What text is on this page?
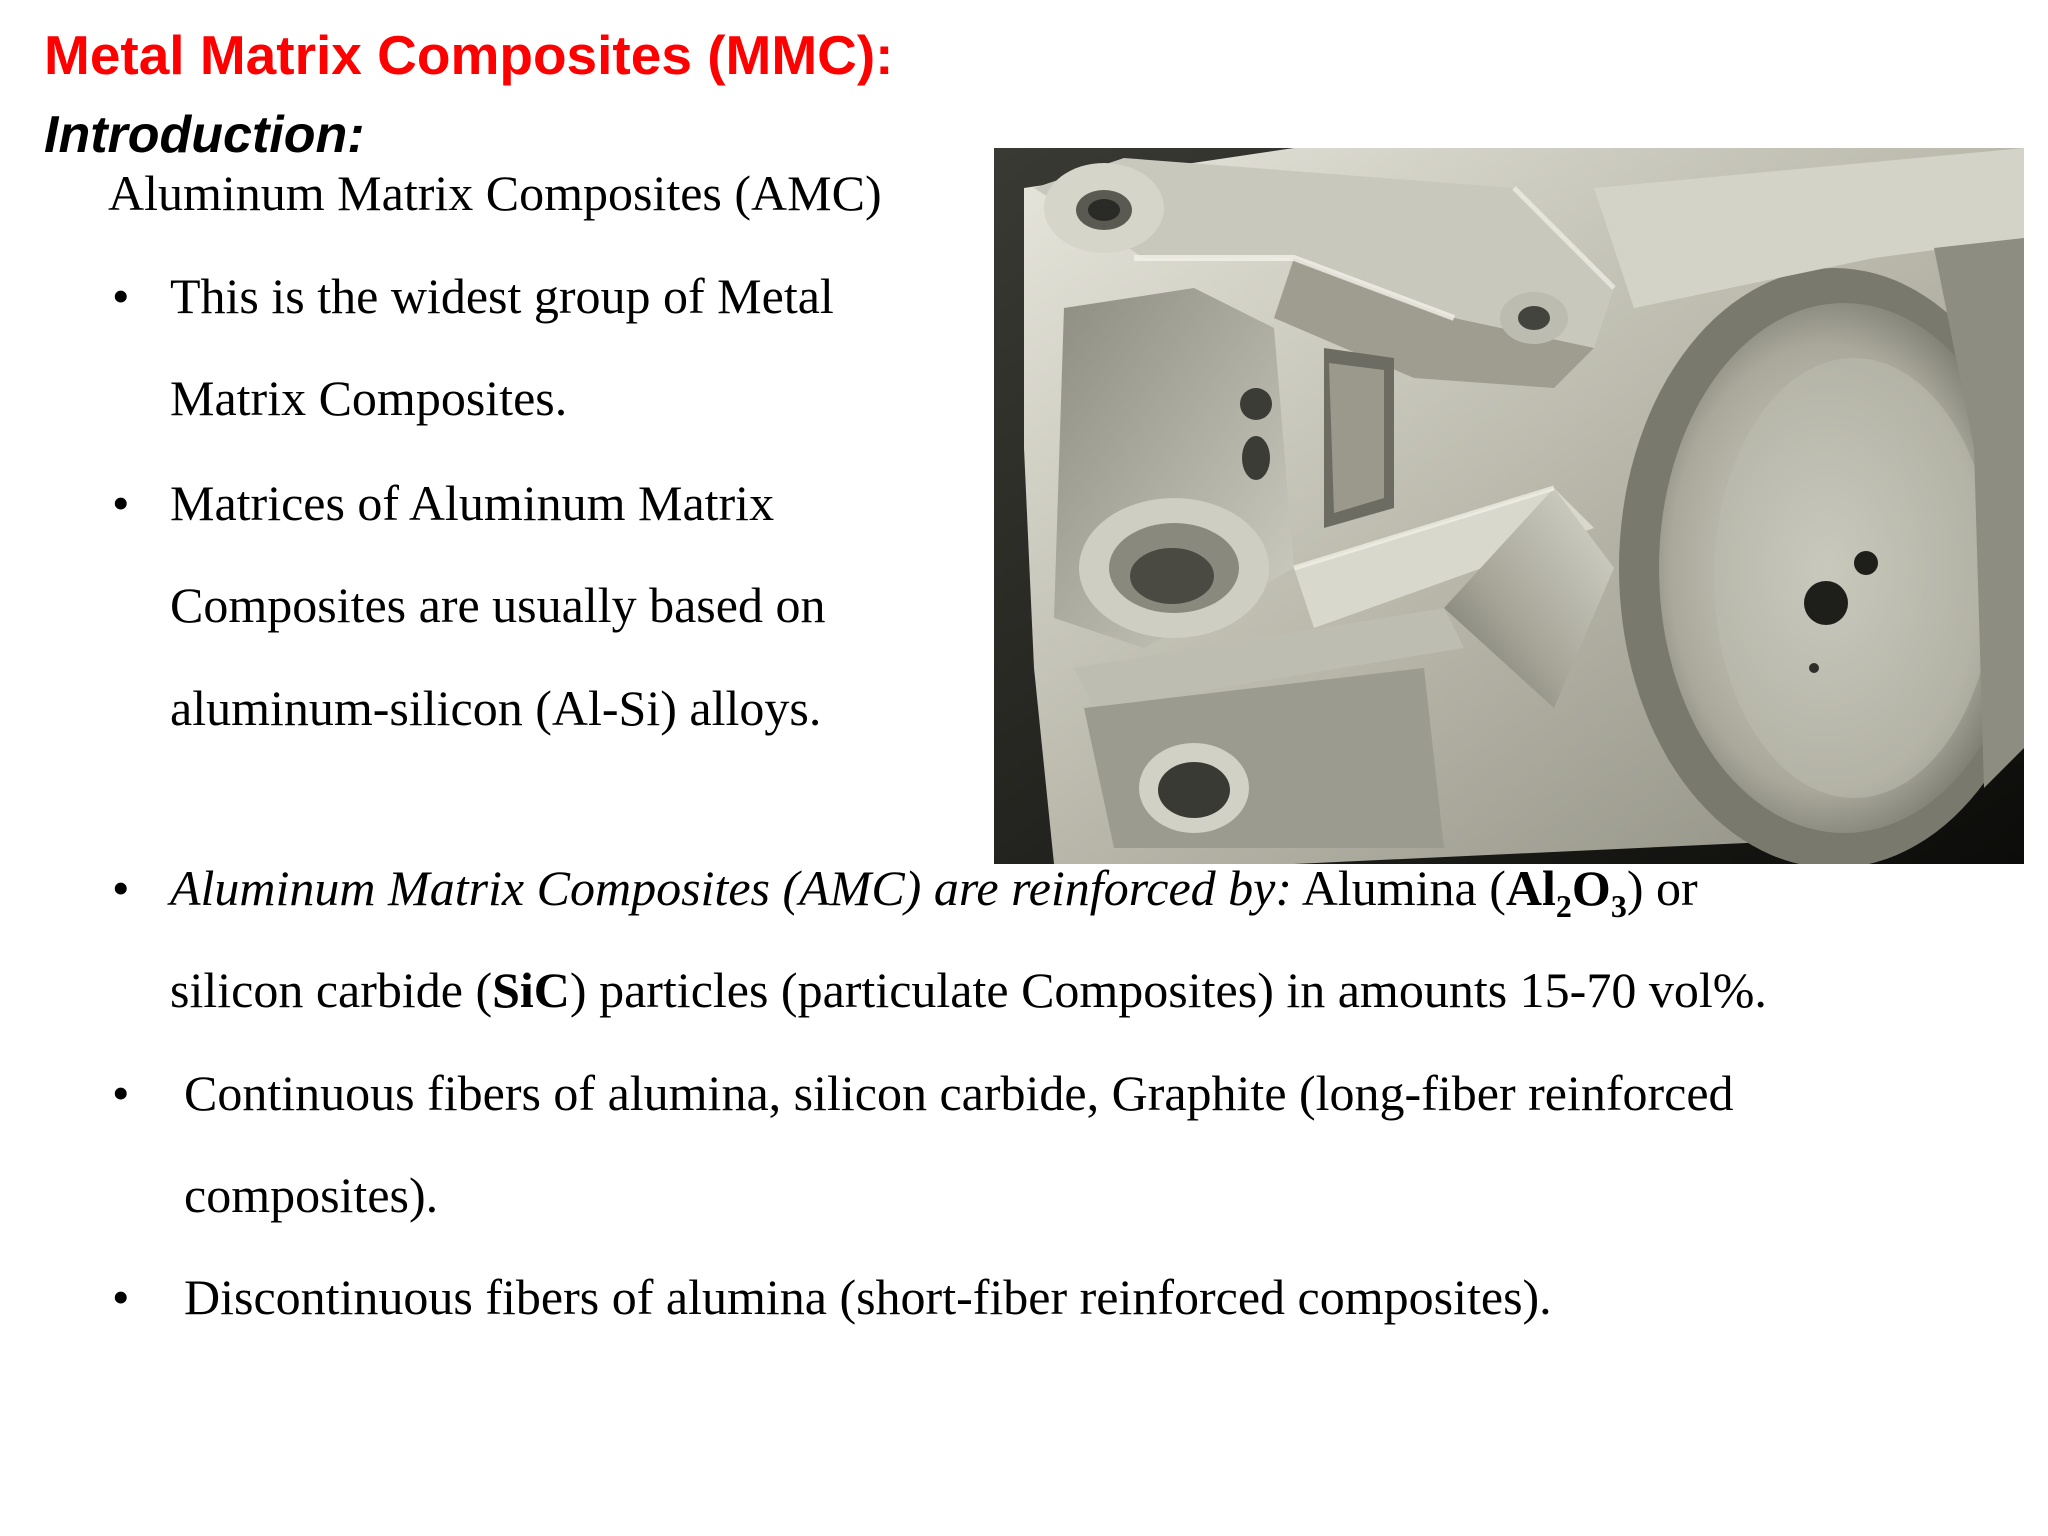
Metal Matrix Composites (MMC):
Introduction:
Aluminum Matrix Composites (AMC)
• This is the widest group of Metal
Matrix Composites.
• Matrices of Aluminum Matrix
Composites are usually based on
aluminum-silicon (Al-Si) alloys.
• Aluminum Matrix Composites (AMC) are reinforced by: Alumina $(Al_2O_3)$ or
silicon carbide (SiC) particles (particulate Composites) in amounts 15-70 vol%.
• Continuous fibers of alumina, silicon carbide, Graphite (long-fiber reinforced
composites).
• Discontinuous fibers of alumina (short-fiber reinforced composites).
